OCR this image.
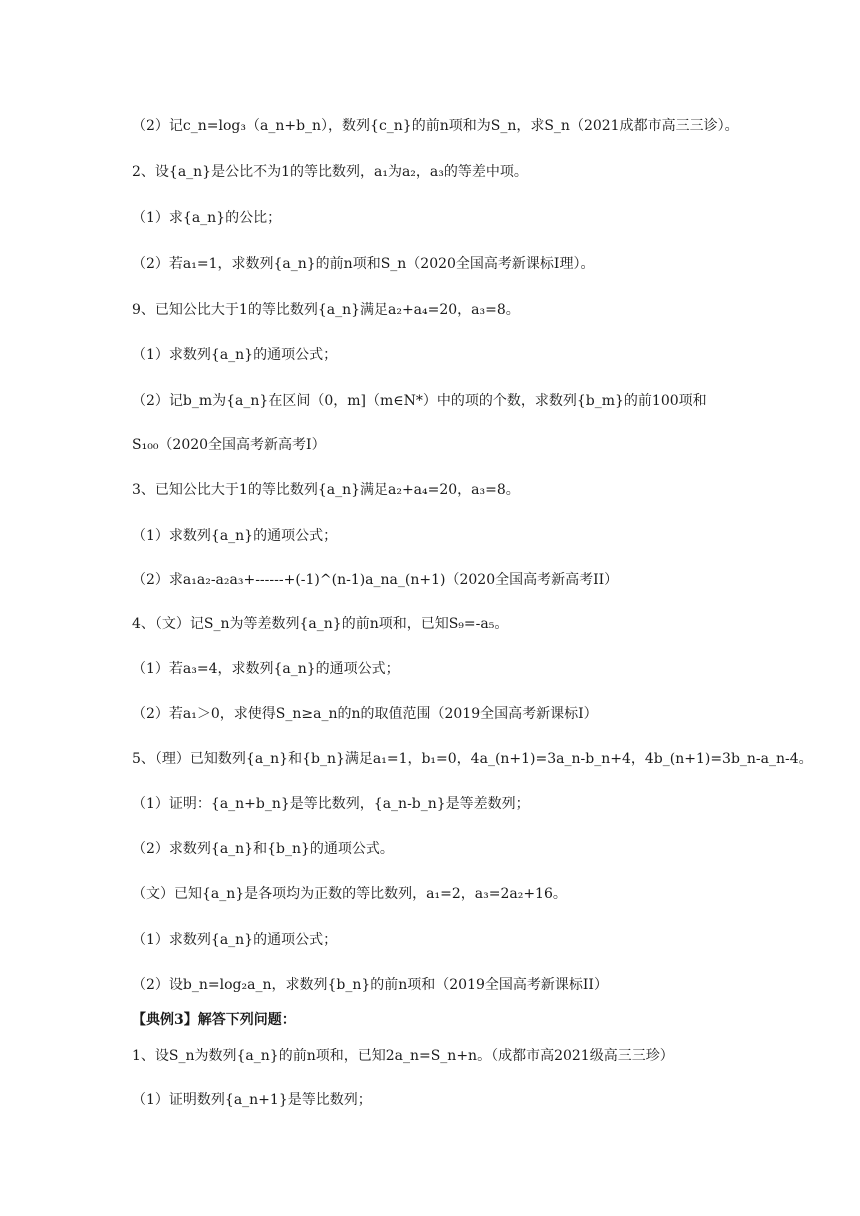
（2）记c_n=log₃（a_n+b_n），数列{c_n}的前n项和为S_n，求S_n（2021成都市高三三诊）。
2、设{a_n}是公比不为1的等比数列，a₁为a₂，a₃的等差中项。
（1）求{a_n}的公比；
（2）若a₁=1，求数列{a_n}的前n项和S_n（2020全国高考新课标I理）。
9、已知公比大于1的等比数列{a_n}满足a₂+a₄=20，a₃=8。
（1）求数列{a_n}的通项公式；
（2）记b_m为{a_n}在区间（0，m]（m∈N*）中的项的个数，求数列{b_m}的前100项和
S₁₀₀（2020全国高考新高考I）
3、已知公比大于1的等比数列{a_n}满足a₂+a₄=20，a₃=8。
（1）求数列{a_n}的通项公式；
（2）求a₁a₂-a₂a₃+------+(-1)^(n-1)a_na_(n+1)（2020全国高考新高考II）
4、（文）记S_n为等差数列{a_n}的前n项和，已知S₉=-a₅。
（1）若a₃=4，求数列{a_n}的通项公式；
（2）若a₁＞0，求使得S_n≥a_n的n的取值范围（2019全国高考新课标Ⅰ）
5、（理）已知数列{a_n}和{b_n}满足a₁=1，b₁=0，4a_(n+1)=3a_n-b_n+4，4b_(n+1)=3b_n-a_n-4。
（1）证明：{a_n+b_n}是等比数列，{a_n-b_n}是等差数列；
（2）求数列{a_n}和{b_n}的通项公式。
（文）已知{a_n}是各项均为正数的等比数列，a₁=2，a₃=2a₂+16。
（1）求数列{a_n}的通项公式；
（2）设b_n=log₂a_n，求数列{b_n}的前n项和（2019全国高考新课标II）
【典例3】解答下列问题：
1、设S_n为数列{a_n}的前n项和，已知2a_n=S_n+n。（成都市高2021级高三三珍）
（1）证明数列{a_n+1}是等比数列；
